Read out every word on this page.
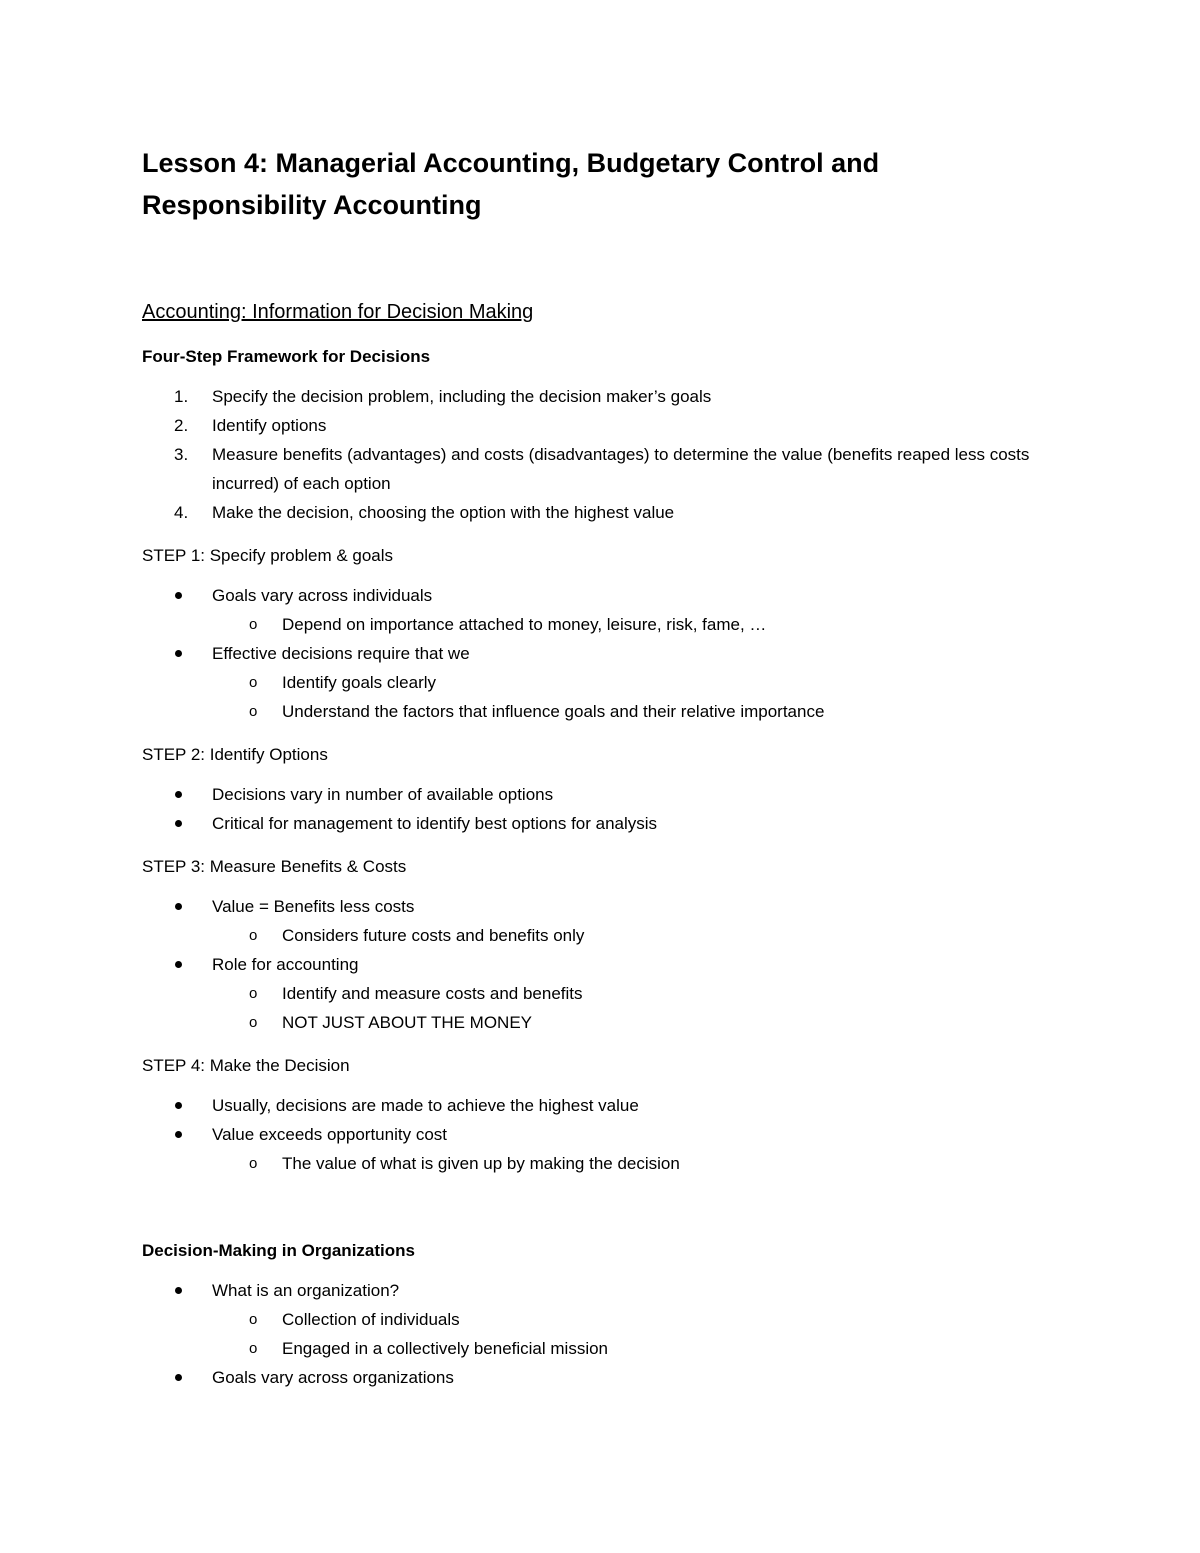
Lesson 4: Managerial Accounting, Budgetary Control and
Responsibility Accounting
Accounting: Information for Decision Making
Four-Step Framework for Decisions
1. Specify the decision problem, including the decision maker’s goals
2. Identify options
3. Measure benefits (advantages) and costs (disadvantages) to determine the value (benefits reaped less costs incurred) of each option
4. Make the decision, choosing the option with the highest value
STEP 1: Specify problem & goals
Goals vary across individuals
o Depend on importance attached to money, leisure, risk, fame, …
Effective decisions require that we
o Identify goals clearly
o Understand the factors that influence goals and their relative importance
STEP 2: Identify Options
Decisions vary in number of available options
Critical for management to identify best options for analysis
STEP 3: Measure Benefits & Costs
Value = Benefits less costs
o Considers future costs and benefits only
Role for accounting
o Identify and measure costs and benefits
o NOT JUST ABOUT THE MONEY
STEP 4: Make the Decision
Usually, decisions are made to achieve the highest value
Value exceeds opportunity cost
o The value of what is given up by making the decision
Decision-Making in Organizations
What is an organization?
o Collection of individuals
o Engaged in a collectively beneficial mission
Goals vary across organizations
